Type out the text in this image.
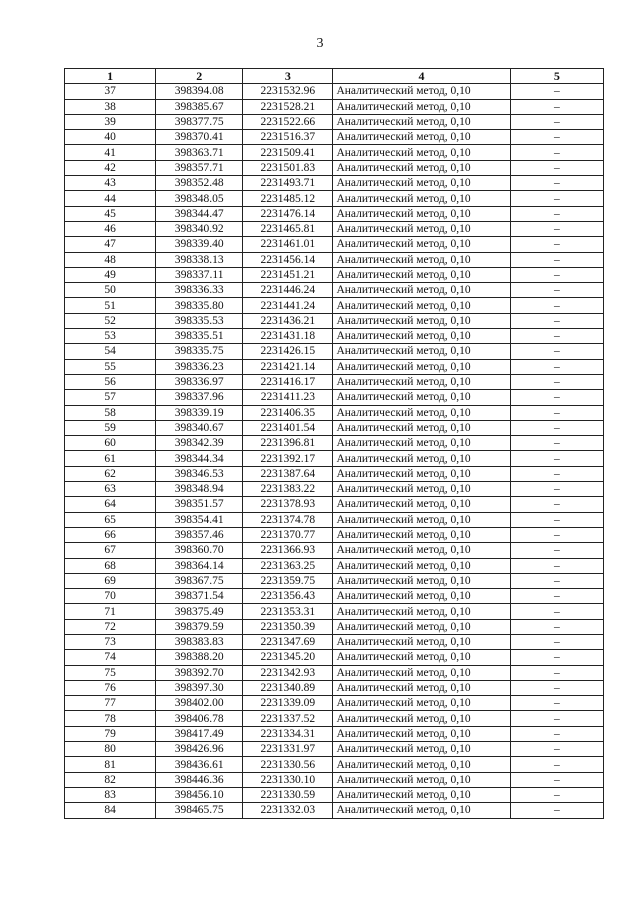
3
1	2	3	4	5
37	398394.08	2231532.96	Аналитический метод, 0,10	–
38	398385.67	2231528.21	Аналитический метод, 0,10	–
39	398377.75	2231522.66	Аналитический метод, 0,10	–
40	398370.41	2231516.37	Аналитический метод, 0,10	–
41	398363.71	2231509.41	Аналитический метод, 0,10	–
42	398357.71	2231501.83	Аналитический метод, 0,10	–
43	398352.48	2231493.71	Аналитический метод, 0,10	–
44	398348.05	2231485.12	Аналитический метод, 0,10	–
45	398344.47	2231476.14	Аналитический метод, 0,10	–
46	398340.92	2231465.81	Аналитический метод, 0,10	–
47	398339.40	2231461.01	Аналитический метод, 0,10	–
48	398338.13	2231456.14	Аналитический метод, 0,10	–
49	398337.11	2231451.21	Аналитический метод, 0,10	–
50	398336.33	2231446.24	Аналитический метод, 0,10	–
51	398335.80	2231441.24	Аналитический метод, 0,10	–
52	398335.53	2231436.21	Аналитический метод, 0,10	–
53	398335.51	2231431.18	Аналитический метод, 0,10	–
54	398335.75	2231426.15	Аналитический метод, 0,10	–
55	398336.23	2231421.14	Аналитический метод, 0,10	–
56	398336.97	2231416.17	Аналитический метод, 0,10	–
57	398337.96	2231411.23	Аналитический метод, 0,10	–
58	398339.19	2231406.35	Аналитический метод, 0,10	–
59	398340.67	2231401.54	Аналитический метод, 0,10	–
60	398342.39	2231396.81	Аналитический метод, 0,10	–
61	398344.34	2231392.17	Аналитический метод, 0,10	–
62	398346.53	2231387.64	Аналитический метод, 0,10	–
63	398348.94	2231383.22	Аналитический метод, 0,10	–
64	398351.57	2231378.93	Аналитический метод, 0,10	–
65	398354.41	2231374.78	Аналитический метод, 0,10	–
66	398357.46	2231370.77	Аналитический метод, 0,10	–
67	398360.70	2231366.93	Аналитический метод, 0,10	–
68	398364.14	2231363.25	Аналитический метод, 0,10	–
69	398367.75	2231359.75	Аналитический метод, 0,10	–
70	398371.54	2231356.43	Аналитический метод, 0,10	–
71	398375.49	2231353.31	Аналитический метод, 0,10	–
72	398379.59	2231350.39	Аналитический метод, 0,10	–
73	398383.83	2231347.69	Аналитический метод, 0,10	–
74	398388.20	2231345.20	Аналитический метод, 0,10	–
75	398392.70	2231342.93	Аналитический метод, 0,10	–
76	398397.30	2231340.89	Аналитический метод, 0,10	–
77	398402.00	2231339.09	Аналитический метод, 0,10	–
78	398406.78	2231337.52	Аналитический метод, 0,10	–
79	398417.49	2231334.31	Аналитический метод, 0,10	–
80	398426.96	2231331.97	Аналитический метод, 0,10	–
81	398436.61	2231330.56	Аналитический метод, 0,10	–
82	398446.36	2231330.10	Аналитический метод, 0,10	–
83	398456.10	2231330.59	Аналитический метод, 0,10	–
84	398465.75	2231332.03	Аналитический метод, 0,10	–
